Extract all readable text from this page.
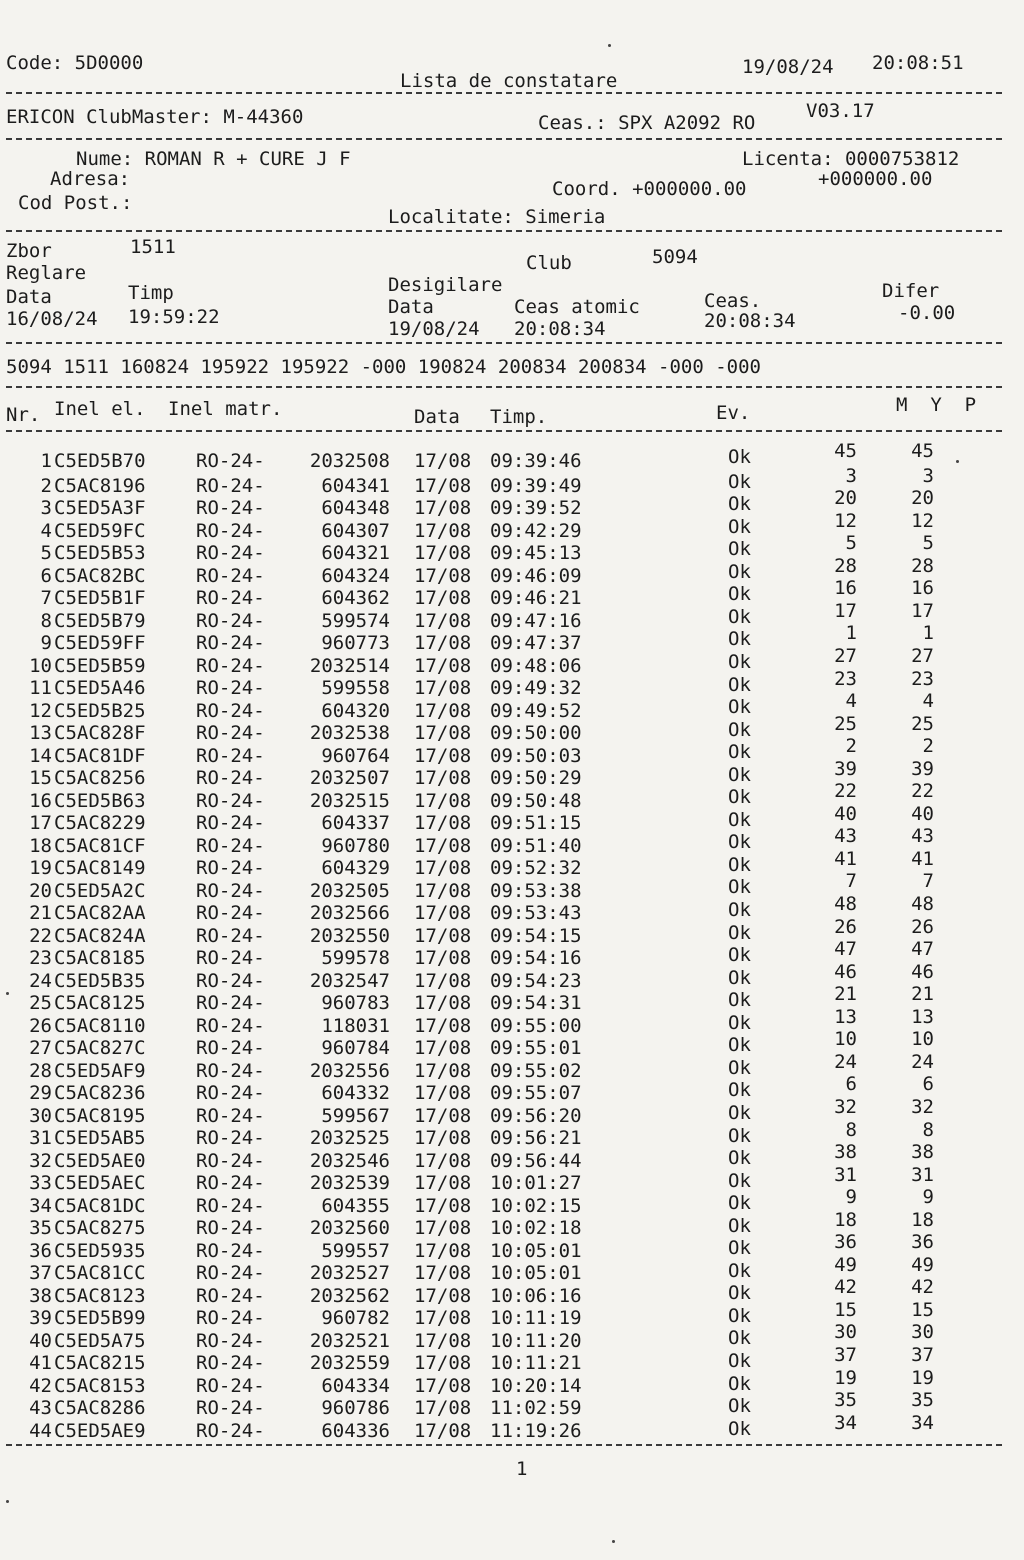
Code: 5D0000
Lista de constatare
19/08/24 20:08:51
ERICON ClubMaster: M-44360	Ceas.: SPX A2092 RO
V03.17
Nume: ROMAN R + CURE J F	Licenta: 0000753812
Adresa:	Coord. +000000.00	+000000.00
Cod Post.:
Localitate: Simeria
Zbor	1511
Club	5094
Reglare
Desigilare
Data	Timp	Difer
Data	Ceas atomic	Ceas.
16/08/24 19:59:22	-0.00
19/08/24 20:08:34	20:08:34
5094 1511 160824 195922 195922 -000 190824 200834 200834 -000 -000
Nr. Inel el. Inel matr.	Data Timp.	Ev.	M  Y  P
1 C5ED5B70	RO-24-	2032508 17/08 09:39:46	Ok	45	45
2 C5AC8196	RO-24-	604341 17/08 09:39:49	Ok	3	3
3 C5ED5A3F	RO-24-	604348 17/08 09:39:52	Ok	20	20
4 C5ED59FC	RO-24-	604307 17/08 09:42:29	Ok	12	12
5 C5ED5B53	RO-24-	604321 17/08 09:45:13	Ok	5	5
6 C5AC82BC	RO-24-	604324 17/08 09:46:09	Ok	28	28
7 C5ED5B1F	RO-24-	604362 17/08 09:46:21	Ok	16	16
8 C5ED5B79	RO-24-	599574 17/08 09:47:16	Ok	17	17
9 C5ED59FF	RO-24-	960773 17/08 09:47:37	Ok	1	1
10 C5ED5B59	RO-24-	2032514 17/08 09:48:06	Ok	27	27
11 C5ED5A46	RO-24-	599558 17/08 09:49:32	Ok	23	23
12 C5ED5B25	RO-24-	604320 17/08 09:49:52	Ok	4	4
13 C5AC828F	RO-24-	2032538 17/08 09:50:00	Ok	25	25
14 C5AC81DF	RO-24-	960764 17/08 09:50:03	Ok	2	2
15 C5AC8256	RO-24-	2032507 17/08 09:50:29	Ok	39	39
16 C5ED5B63	RO-24-	2032515 17/08 09:50:48	Ok	22	22
17 C5AC8229	RO-24-	604337 17/08 09:51:15	Ok	40	40
18 C5AC81CF	RO-24-	960780 17/08 09:51:40	Ok	43	43
19 C5AC8149	RO-24-	604329 17/08 09:52:32	Ok	41	41
20 C5ED5A2C	RO-24-	2032505 17/08 09:53:38	Ok	7	7
21 C5AC82AA	RO-24-	2032566 17/08 09:53:43	Ok	48	48
22 C5AC824A	RO-24-	2032550 17/08 09:54:15	Ok	26	26
23 C5AC8185	RO-24-	599578 17/08 09:54:16	Ok	47	47
24 C5ED5B35	RO-24-	2032547 17/08 09:54:23	Ok	46	46
25 C5AC8125	RO-24-	960783 17/08 09:54:31	Ok	21	21
26 C5AC8110	RO-24-	118031 17/08 09:55:00	Ok	13	13
27 C5AC827C	RO-24-	960784 17/08 09:55:01	Ok	10	10
28 C5ED5AF9	RO-24-	2032556 17/08 09:55:02	Ok	24	24
29 C5AC8236	RO-24-	604332 17/08 09:55:07	Ok	6	6
30 C5AC8195	RO-24-	599567 17/08 09:56:20	Ok	32	32
31 C5ED5AB5	RO-24-	2032525 17/08 09:56:21	Ok	8	8
32 C5ED5AE0	RO-24-	2032546 17/08 09:56:44	Ok	38	38
33 C5ED5AEC	RO-24-	2032539 17/08 10:01:27	Ok	31	31
34 C5AC81DC	RO-24-	604355 17/08 10:02:15	Ok	9	9
35 C5AC8275	RO-24-	2032560 17/08 10:02:18	Ok	18	18
36 C5ED5935	RO-24-	599557 17/08 10:05:01	Ok	36	36
37 C5AC81CC	RO-24-	2032527 17/08 10:05:01	Ok	49	49
38 C5AC8123	RO-24-	2032562 17/08 10:06:16	Ok	42	42
39 C5ED5B99	RO-24-	960782 17/08 10:11:19	Ok	15	15
40 C5ED5A75	RO-24-	2032521 17/08 10:11:20	Ok	30	30
41 C5AC8215	RO-24-	2032559 17/08 10:11:21	Ok	37	37
42 C5AC8153	RO-24-	604334 17/08 10:20:14	Ok	19	19
43 C5AC8286	RO-24-	960786 17/08 11:02:59	Ok	35	35
44 C5ED5AE9	RO-24-	604336 17/08 11:19:26	Ok	34	34
1
